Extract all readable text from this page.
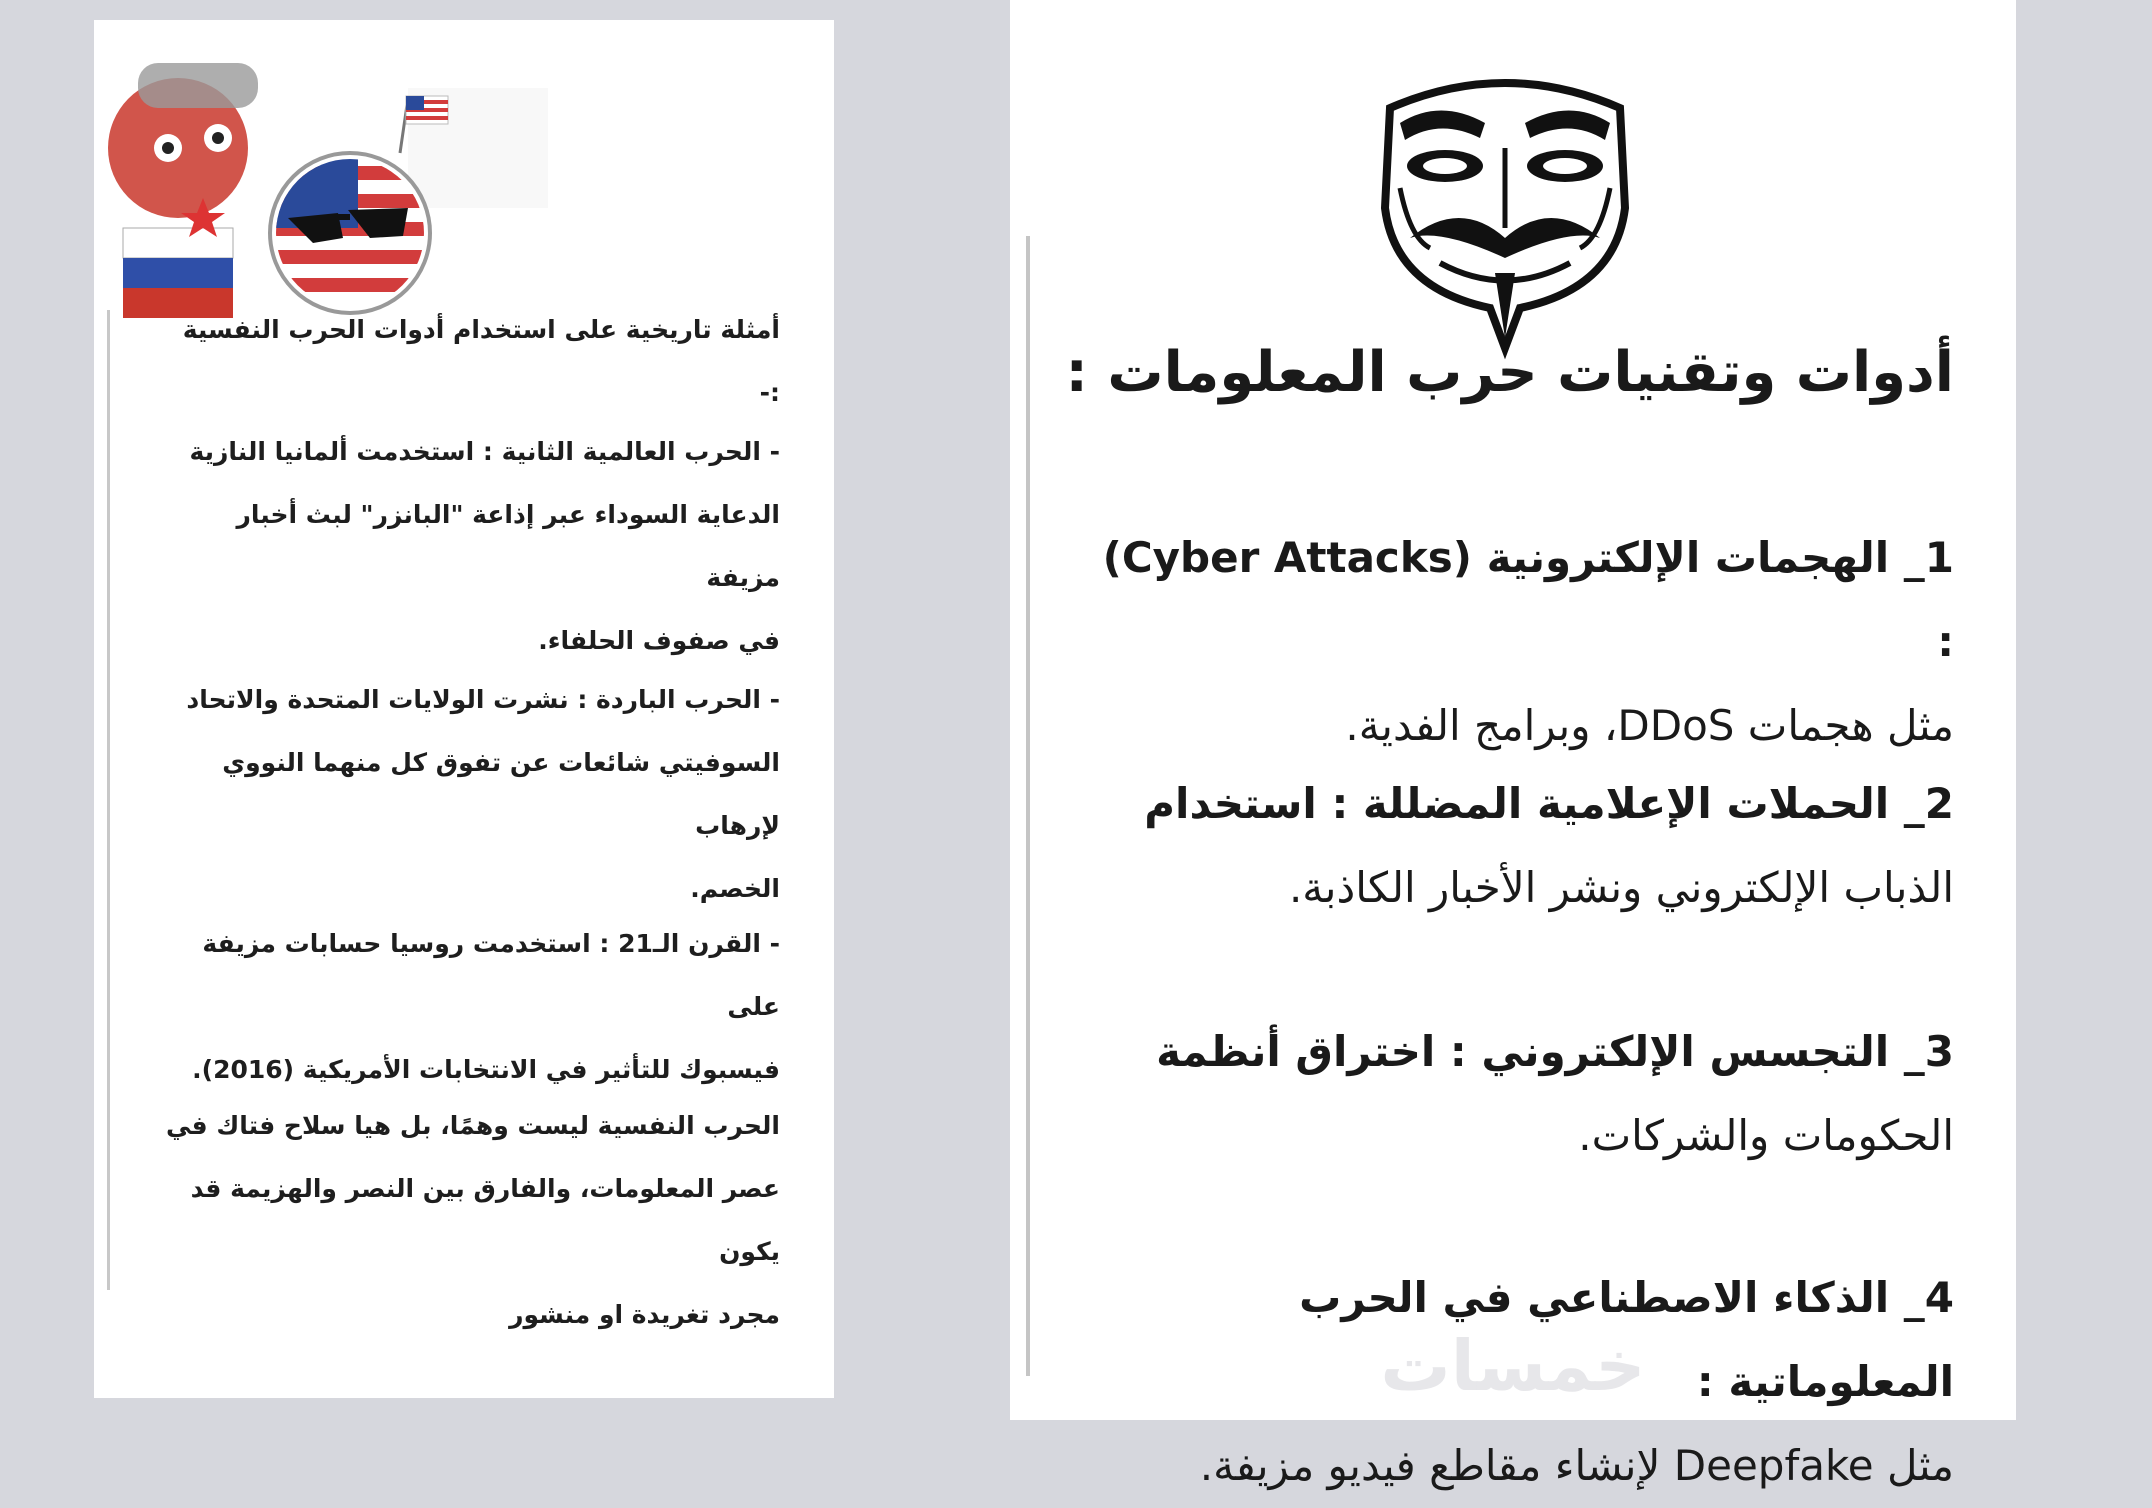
أمثلة تاريخية على استخدام أدوات الحرب النفسية :-
- الحرب العالمية الثانية : استخدمت ألمانيا النازية
الدعاية السوداء عبر إذاعة "البانزر" لبث أخبار مزيفة
في صفوف الحلفاء.
- الحرب الباردة : نشرت الولايات المتحدة والاتحاد
السوفيتي شائعات عن تفوق كل منهما النووي لإرهاب
الخصم.
- القرن الـ21 : استخدمت روسيا حسابات مزيفة على
فيسبوك للتأثير في الانتخابات الأمريكية (2016).
الحرب النفسية ليست وهمًا، بل هيا سلاح فتاك في
عصر المعلومات، والفارق بين النصر والهزيمة قد يكون
مجرد تغريدة او منشور
أدوات وتقنيات حرب المعلومات :
1_ الهجمات الإلكترونية (Cyber Attacks) :
مثل هجمات DDoS، وبرامج الفدية.
2_ الحملات الإعلامية المضللة : استخدام
الذباب الإلكتروني ونشر الأخبار الكاذبة.
3_ التجسس الإلكتروني : اختراق أنظمة
الحكومات والشركات.
4_ الذكاء الاصطناعي في الحرب المعلوماتية :
مثل Deepfake لإنشاء مقاطع فيديو مزيفة.
خمسات
